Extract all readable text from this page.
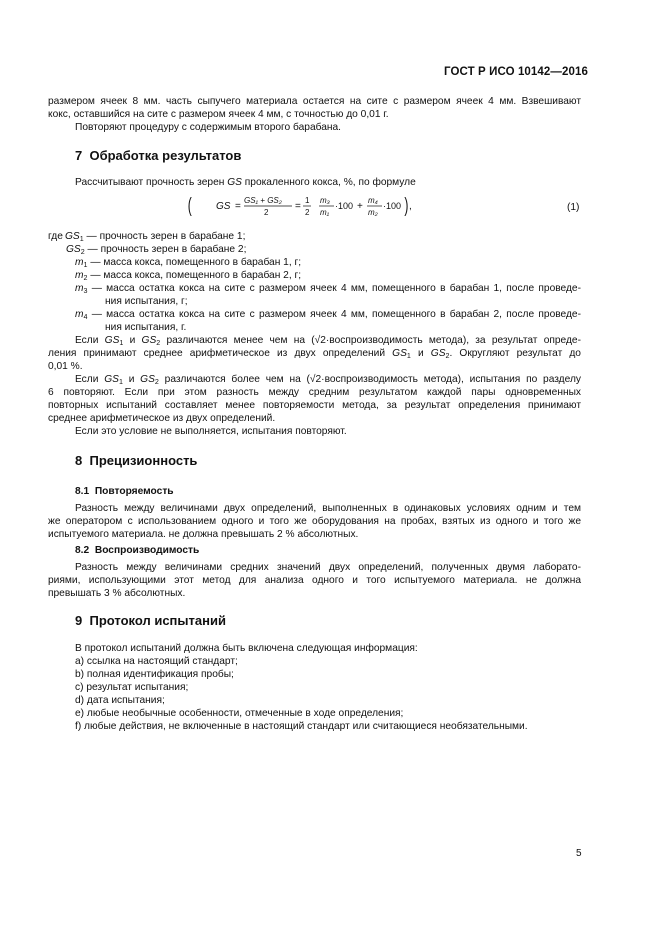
ГОСТ Р ИСО 10142—2016
размером ячеек 8 мм. часть сыпучего материала остается на сите с размером ячеек 4 мм. Взвешивают
кокс, оставшийся на сите с размером ячеек 4 мм, с точностью до 0,01 г.
Повторяют процедуру с содержимым второго барабана.
7 Обработка результатов
Рассчитывают прочность зерен GS прокаленного кокса, %, по формуле
GS =
GS₁ + GS₂
2
=
1
2
(	m₃
m₁
·100 +
m₄
m₂
·100 ) ,	(1)
где $GS_1$ — прочность зерен в барабане 1;
$GS_2$ — прочность зерен в барабане 2;
$m_1$ — масса кокса, помещенного в барабан 1, г;
$m_2$ — масса кокса, помещенного в барабан 2, г;
$m_3$ — масса остатка кокса на сите с размером ячеек 4 мм, помещенного в барабан 1, после проведе-
ния испытания, г;
$m_4$ — масса остатка кокса на сите с размером ячеек 4 мм, помещенного в барабан 2, после проведе-
ния испытания, г.
Если $GS_1$ и $GS_2$ различаются менее чем на (√2·воспроизводимость метода), за результат опреде-
ления принимают среднее арифметическое из двух определений $GS_1$ и $GS_2$. Округляют результат до
0,01 %.
Если $GS_1$ и $GS_2$ различаются более чем на (√2·воспроизводимость метода), испытания по разделу
6 повторяют. Если при этом разность между средним результатом каждой пары одновременных
повторных испытаний составляет менее повторяемости метода, за результат определения принимают
среднее арифметическое из двух определений.
Если это условие не выполняется, испытания повторяют.
8 Прецизионность
8.1 Повторяемость
Разность между величинами двух определений, выполненных в одинаковых условиях одним и тем
же оператором с использованием одного и того же оборудования на пробах, взятых из одного и того же
испытуемого материала. не должна превышать 2 % абсолютных.
8.2 Воспроизводимость
Разность между величинами средних значений двух определений, полученных двумя лаборато-
риями, использующими этот метод для анализа одного и того испытуемого материала. не должна
превышать 3 % абсолютных.
9 Протокол испытаний
В протокол испытаний должна быть включена следующая информация:
a) ссылка на настоящий стандарт;
b) полная идентификация пробы;
c) результат испытания;
d) дата испытания;
e) любые необычные особенности, отмеченные в ходе определения;
f) любые действия, не включенные в настоящий стандарт или считающиеся необязательными.
5
